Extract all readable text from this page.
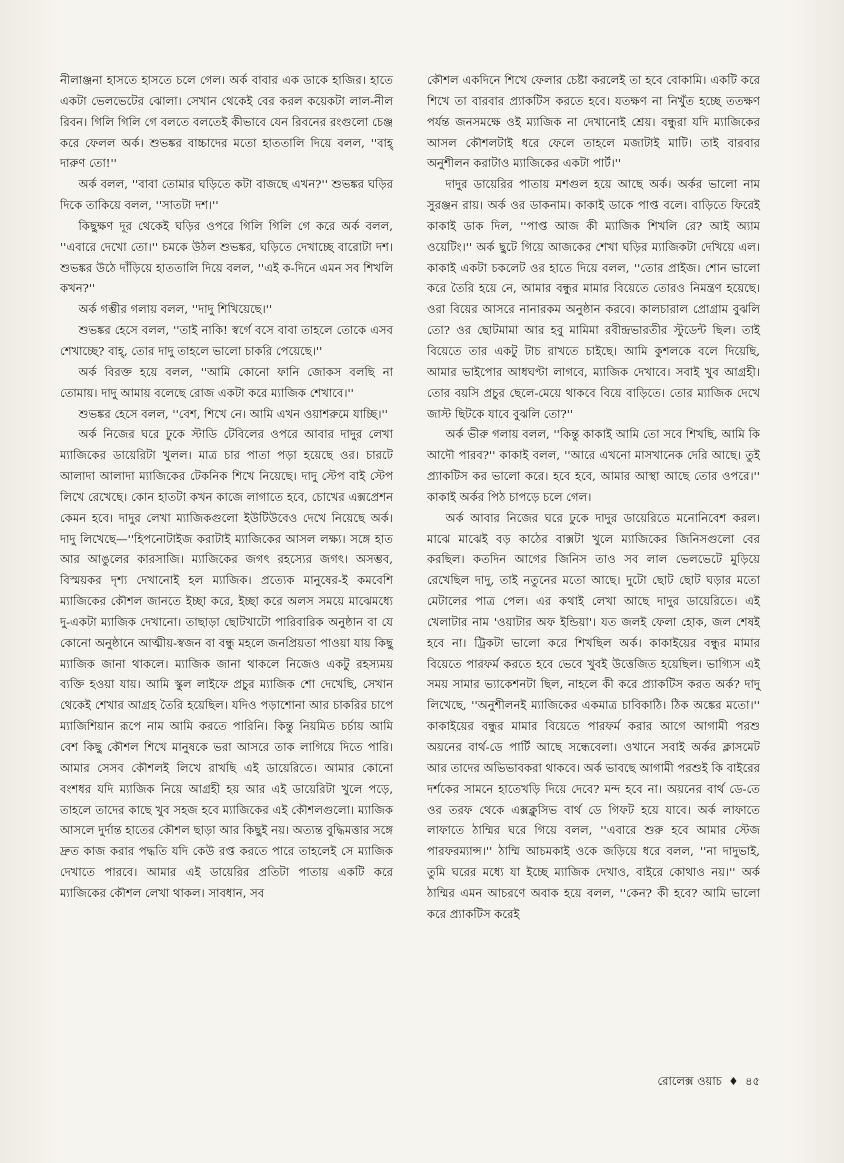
নীলাঞ্জনা হাসতে হাসতে চলে গেল। অর্ক বাবার এক ডাকে হাজির। হাতে একটা ভেলভেটের ঝোলা। সেখান থেকেই বের করল কয়েকটা লাল-নীল রিবন। গিলি গিলি গে বলতে বলতেই কীভাবে যেন রিবনের রংগুলো চেঞ্জ করে ফেলল অর্ক। শুভঙ্কর বাচ্চাদের মতো হাততালি দিয়ে বলল, ''বাহ্‌ দারুণ তো!''

অর্ক বলল, ''বাবা তোমার ঘড়িতে কটা বাজছে এখন?'' শুভঙ্কর ঘড়ির দিকে তাকিয়ে বলল, ''সাতটা দশ।''

কিছুক্ষণ দূর থেকেই ঘড়ির ওপরে গিলি গিলি গে করে অর্ক বলল, ''এবারে দেখো তো।'' চমকে উঠল শুভঙ্কর, ঘড়িতে দেখাচ্ছে বারোটা দশ। শুভঙ্কর উঠে দাঁড়িয়ে হাততালি দিয়ে বলল, ''এই ক-দিনে এমন সব শিখলি কখন?''

অর্ক গম্ভীর গলায় বলল, ''দাদু শিখিয়েছে।''

শুভঙ্কর হেসে বলল, ''তাই নাকি! স্বর্গে বসে বাবা তাহলে তোকে এসব শেখাচ্ছে? বাহ্‌, তোর দাদু তাহলে ভালো চাকরি পেয়েছে।''

অর্ক বিরক্ত হয়ে বলল, ''আমি কোনো ফানি জোকস বলছি না তোমায়। দাদু আমায় বলেছে রোজ একটা করে ম্যাজিক শেখাবে।''

শুভঙ্কর হেসে বলল, ''বেশ, শিখে নে। আমি এখন ওয়াশরুমে যাচ্ছি।''

অর্ক নিজের ঘরে ঢুকে স্টাডি টেবিলের ওপরে আবার দাদুর লেখা ম্যাজিকের ডায়েরিটা খুলল। মাত্র চার পাতা পড়া হয়েছে ওর। চারটে আলাদা আলাদা ম্যাজিকের টেকনিক শিখে নিয়েছে। দাদু স্টেপ বাই স্টেপ লিখে রেখেছে। কোন হাতটা কখন কাজে লাগাতে হবে, চোখের এক্সপ্রেশন কেমন হবে। দাদুর লেখা ম্যাজিকগুলো ইউটিউবেও দেখে নিয়েছে অর্ক। দাদু লিখেছে—''হিপনোটাইজ করাটাই ম্যাজিকের আসল লক্ষ্য। সঙ্গে হাত আর আঙুলের কারসাজি। ম্যাজিকের জগৎ রহস্যের জগৎ। অসম্ভব, বিস্ময়কর দৃশ্য দেখানোই হল ম্যাজিক। প্রত্যেক মানুষের-ই কমবেশি ম্যাজিকের কৌশল জানতে ইচ্ছা করে, ইচ্ছা করে অলস সময়ে মাঝেমধ্যে দু-একটা ম্যাজিক দেখানো। তাছাড়া ছোটখাটো পারিবারিক অনুষ্ঠান বা যে কোনো অনুষ্ঠানে আত্মীয়-স্বজন বা বন্ধু মহলে জনপ্রিয়তা পাওয়া যায় কিছু ম্যাজিক জানা থাকলে। ম্যাজিক জানা থাকলে নিজেও একটু রহস্যময় ব্যক্তি হওয়া যায়। আমি স্কুল লাইফে প্রচুর ম্যাজিক শো দেখেছি, সেখান থেকেই শেখার আগ্রহ তৈরি হয়েছিল। যদিও পড়াশোনা আর চাকরির চাপে ম্যাজিশিয়ান রূপে নাম আমি করতে পারিনি। কিন্তু নিয়মিত চর্চায় আমি বেশ কিছু কৌশল শিখে মানুষকে ভরা আসরে তাক লাগিয়ে দিতে পারি। আমার সেসব কৌশলই লিখে রাখছি এই ডায়েরিতে। আমার কোনো বংশধর যদি ম্যাজিক নিয়ে আগ্রহী হয় আর এই ডায়েরিটা খুলে পড়ে, তাহলে তাদের কাছে খুব সহজ হবে ম্যাজিকের এই কৌশলগুলো। ম্যাজিক আসলে দুর্দান্ত হাতের কৌশল ছাড়া আর কিছুই নয়। অত্যন্ত বুদ্ধিমত্তার সঙ্গে দ্রুত কাজ করার পদ্ধতি যদি কেউ রপ্ত করতে পারে তাহলেই সে ম্যাজিক দেখাতে পারবে। আমার এই ডায়েরির প্রতিটা পাতায় একটি করে ম্যাজিকের কৌশল লেখা থাকল। সাবধান, সব

কৌশল একদিনে শিখে ফেলার চেষ্টা করলেই তা হবে বোকামি। একটি করে শিখে তা বারবার প্র্যাকটিস করতে হবে। যতক্ষণ না নিখুঁত হচ্ছে ততক্ষণ পর্যন্ত জনসমক্ষে ওই ম্যাজিক না দেখানোই শ্রেয়। বন্ধুরা যদি ম্যাজিকের আসল কৌশলটাই ধরে ফেলে তাহলে মজাটাই মাটি। তাই বারবার অনুশীলন করাটাও ম্যাজিকের একটা পার্ট।''

দাদুর ডায়েরির পাতায় মশগুল হয়ে আছে অর্ক। অর্কর ভালো নাম সুরঞ্জন রায়। অর্ক ওর ডাকনাম। কাকাই ডাকে পাপ্ত বলে। বাড়িতে ফিরেই কাকাই ডাক দিল, ''পাপ্ত আজ কী ম্যাজিক শিখলি রে? আই অ্যাম ওয়েটিং।'' অর্ক ছুটে গিয়ে আজকের শেখা ঘড়ির ম্যাজিকটা দেখিয়ে এল। কাকাই একটা চকলেট ওর হাতে দিয়ে বলল, ''তোর প্রাইজ। শোন ভালো করে তৈরি হয়ে নে, আমার বন্ধুর মামার বিয়েতে তোরও নিমন্ত্রণ হয়েছে। ওরা বিয়ের আসরে নানারকম অনুষ্ঠান করবে। কালচারাল প্রোগ্রাম বুঝলি তো? ওর ছোটমামা আর হবু মামিমা রবীন্দ্রভারতীর স্টুডেন্ট ছিল। তাই বিয়েতে তার একটু টাচ রাখতে চাইছে। আমি কুশলকে বলে দিয়েছি, আমার ভাইপোর আধঘণ্টা লাগবে, ম্যাজিক দেখাবে। সবাই খুব আগ্রহী। তোর বয়সি প্রচুর ছেলে-মেয়ে থাকবে বিয়ে বাড়িতে। তোর ম্যাজিক দেখে জাস্ট ছিটকে যাবে বুঝলি তো?''

অর্ক ভীরু গলায় বলল, ''কিন্তু কাকাই আমি তো সবে শিখছি, আমি কি আদৌ পারব?'' কাকাই বলল, ''আরে এখনো মাসখানেক দেরি আছে। তুই প্র্যাকটিস কর ভালো করে। হবে হবে, আমার আস্থা আছে তোর ওপরে।'' কাকাই অর্কর পিঠ চাপড়ে চলে গেল।

অর্ক আবার নিজের ঘরে ঢুকে দাদুর ডায়েরিতে মনোনিবেশ করল। মাঝে মাঝেই বড় কাঠের বাক্সটা খুলে ম্যাজিকের জিনিসগুলো বের করছিল। কতদিন আগের জিনিস তাও সব লাল ভেলভেটে মুড়িয়ে রেখেছিল দাদু, তাই নতুনের মতো আছে। দুটো ছোট ছোট ঘড়ার মতো মেটালের পাত্র পেল। এর কথাই লেখা আছে দাদুর ডায়েরিতে। এই খেলাটার নাম 'ওয়াটার অফ ইন্ডিয়া'। যত জলই ফেলা হোক, জল শেষই হবে না। ট্রিকটা ভালো করে শিখছিল অর্ক। কাকাইয়ের বন্ধুর মামার বিয়েতে পারফর্ম করতে হবে ভেবে খুবই উত্তেজিত হয়েছিল। ভাগ্যিস এই সময় সামার ভ্যাকেশনটা ছিল, নাহলে কী করে প্র্যাকটিস করত অর্ক? দাদু লিখেছে, ''অনুশীলনই ম্যাজিকের একমাত্র চাবিকাঠি। ঠিক অঙ্কের মতো।'' কাকাইয়ের বন্ধুর মামার বিয়েতে পারফর্ম করার আগে আগামী পরশু অয়নের বার্থ-ডে পার্টি আছে সন্ধেবেলা। ওখানে সবাই অর্কর ক্লাসমেট আর তাদের অভিভাবকরা থাকবে। অর্ক ভাবছে আগামী পরশুই কি বাইরের দর্শকের সামনে হাতেখড়ি দিয়ে দেবে? মন্দ হবে না। অয়নের বার্থ ডে-তে ওর তরফ থেকে এক্সক্লুসিভ বার্থ ডে গিফট হয়ে যাবে। অর্ক লাফাতে লাফাতে ঠাম্মির ঘরে গিয়ে বলল, ''এবারে শুরু হবে আমার স্টেজ পারফরম্যান্স।'' ঠাম্মি আচমকাই ওকে জড়িয়ে ধরে বলল, ''না দাদুভাই, তুমি ঘরের মধ্যে যা ইচ্ছে ম্যাজিক দেখাও, বাইরে কোথাও নয়।'' অর্ক ঠাম্মির এমন আচরণে অবাক হয়ে বলল, ''কেন? কী হবে? আমি ভালো করে প্র্যাকটিস করেই

রোলেক্স ওয়াচ ♦ ৪৫
